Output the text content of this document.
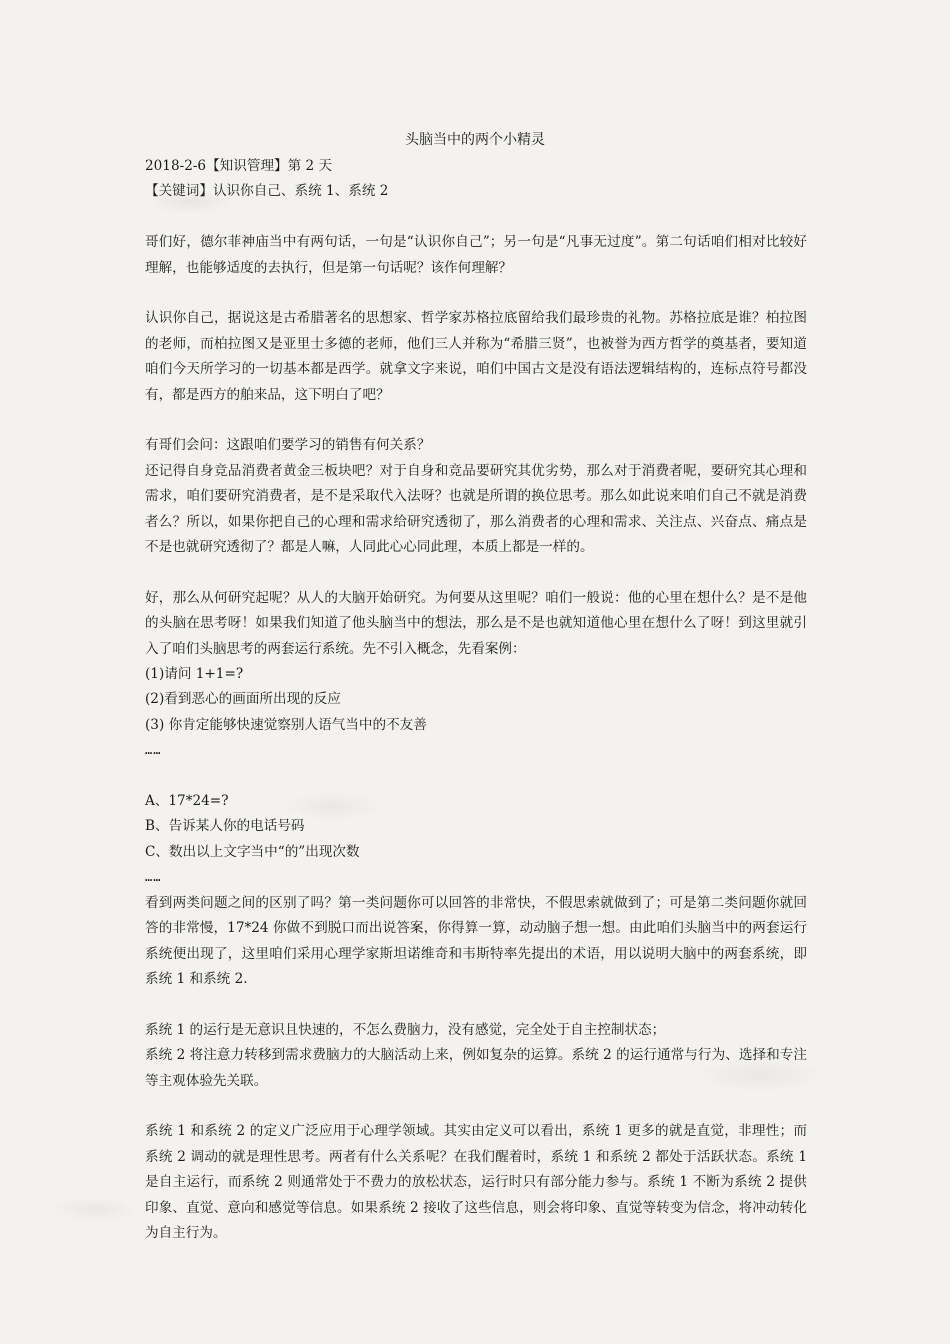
头脑当中的两个小精灵

2018-2-6【知识管理】第 2 天

【关键词】认识你自己、系统 1、系统 2

哥们好，德尔菲神庙当中有两句话，一句是“认识你自己”；另一句是“凡事无过度”。第二句话咱们相对比较好理解，也能够适度的去执行，但是第一句话呢？该作何理解？

认识你自己，据说这是古希腊著名的思想家、哲学家苏格拉底留给我们最珍贵的礼物。苏格拉底是谁？柏拉图的老师，而柏拉图又是亚里士多德的老师，他们三人并称为“希腊三贤”，也被誉为西方哲学的奠基者，要知道咱们今天所学习的一切基本都是西学。就拿文字来说，咱们中国古文是没有语法逻辑结构的，连标点符号都没有，都是西方的舶来品，这下明白了吧？

有哥们会问：这跟咱们要学习的销售有何关系？

还记得自身竞品消费者黄金三板块吧？对于自身和竞品要研究其优劣势，那么对于消费者呢，要研究其心理和需求，咱们要研究消费者，是不是采取代入法呀？也就是所谓的换位思考。那么如此说来咱们自己不就是消费者么？所以，如果你把自己的心理和需求给研究透彻了，那么消费者的心理和需求、关注点、兴奋点、痛点是不是也就研究透彻了？都是人嘛，人同此心心同此理，本质上都是一样的。

好，那么从何研究起呢？从人的大脑开始研究。为何要从这里呢？咱们一般说：他的心里在想什么？是不是他的头脑在思考呀！如果我们知道了他头脑当中的想法，那么是不是也就知道他心里在想什么了呀！到这里就引入了咱们头脑思考的两套运行系统。先不引入概念，先看案例：

(1)请问 1+1=?

(2)看到恶心的画面所出现的反应

(3) 你肯定能够快速觉察别人语气当中的不友善

……

A、17*24=?

B、告诉某人你的电话号码

C、数出以上文字当中“的”出现次数

……

看到两类问题之间的区别了吗？第一类问题你可以回答的非常快，不假思索就做到了；可是第二类问题你就回答的非常慢，17*24 你做不到脱口而出说答案，你得算一算，动动脑子想一想。由此咱们头脑当中的两套运行系统便出现了，这里咱们采用心理学家斯坦诺维奇和韦斯特率先提出的术语，用以说明大脑中的两套系统，即系统 1 和系统 2.

系统 1 的运行是无意识且快速的，不怎么费脑力，没有感觉，完全处于自主控制状态；

系统 2 将注意力转移到需求费脑力的大脑活动上来，例如复杂的运算。系统 2 的运行通常与行为、选择和专注等主观体验先关联。

系统 1 和系统 2 的定义广泛应用于心理学领域。其实由定义可以看出，系统 1 更多的就是直觉，非理性；而系统 2 调动的就是理性思考。两者有什么关系呢？在我们醒着时，系统 1 和系统 2 都处于活跃状态。系统 1 是自主运行，而系统 2 则通常处于不费力的放松状态，运行时只有部分能力参与。系统 1 不断为系统 2 提供印象、直觉、意向和感觉等信息。如果系统 2 接收了这些信息，则会将印象、直觉等转变为信念，将冲动转化为自主行为。
